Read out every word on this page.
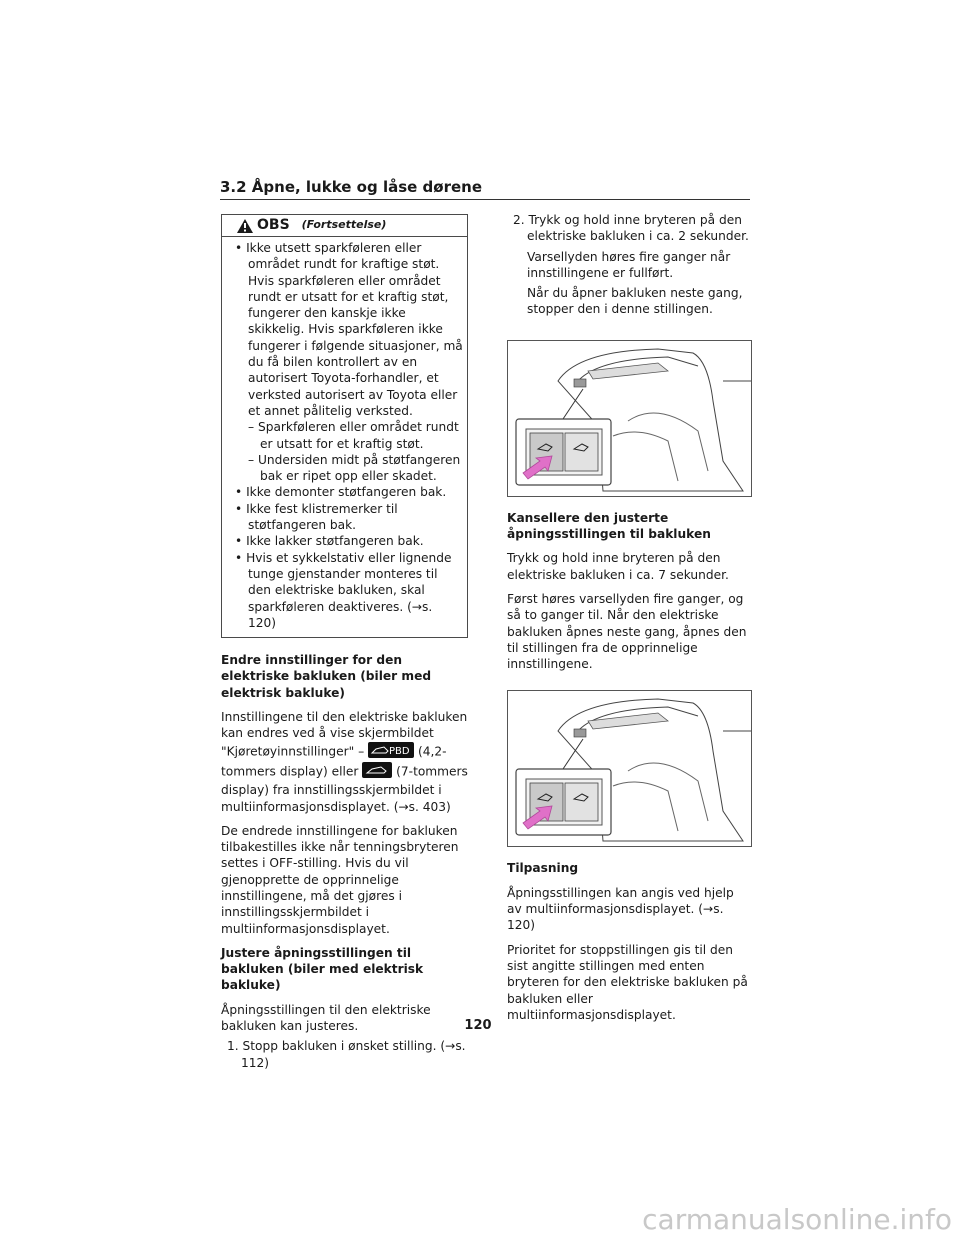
3.2 Åpne, lukke og låse dørene
OBS (Fortsettelse)

• Ikke utsett sparkføleren eller området rundt for kraftige støt. Hvis sparkføleren eller området rundt er utsatt for et kraftig støt, fungerer den kanskje ikke skikkelig. Hvis sparkføleren ikke fungerer i følgende situasjoner, må du få bilen kontrollert av en autorisert Toyota-forhandler, et verksted autorisert av Toyota eller et annet pålitelig verksted.

– Sparkføleren eller området rundt er utsatt for et kraftig støt.

– Undersiden midt på støtfangeren bak er ripet opp eller skadet.

• Ikke demonter støtfangeren bak.

• Ikke fest klistremerker til støtfangeren bak.

• Ikke lakker støtfangeren bak.

• Hvis et sykkelstativ eller lignende tunge gjenstander monteres til den elektriske bakluken, skal sparkføleren deaktiveres. (→s. 120)

Endre innstillinger for den elektriske bakluken (biler med elektrisk bakluke)

Innstillingene til den elektriske bakluken kan endres ved å vise skjermbildet "Kjøretøyinnstillinger" – PBD (4,2-tommers display) eller	(7-tommers display) fra innstillingsskjermbildet i multiinformasjonsdisplayet. (→s. 403)

De endrede innstillingene for bakluken tilbakestilles ikke når tenningsbryteren settes i OFF-stilling. Hvis du vil gjenopprette de opprinnelige innstillingene, må det gjøres i innstillingsskjermbildet i multiinformasjonsdisplayet.

Justere åpningsstillingen til bakluken (biler med elektrisk bakluke)

Åpningsstillingen til den elektriske bakluken kan justeres.

1. Stopp bakluken i ønsket stilling. (→s. 112)

2. Trykk og hold inne bryteren på den elektriske bakluken i ca. 2 sekunder.

Varsellyden høres fire ganger når innstillingene er fullført.

Når du åpner bakluken neste gang, stopper den i denne stillingen.

Kansellere den justerte åpningsstillingen til bakluken

Trykk og hold inne bryteren på den elektriske bakluken i ca. 7 sekunder.

Først høres varsellyden fire ganger, og så to ganger til. Når den elektriske bakluken åpnes neste gang, åpnes den til stillingen fra de opprinnelige innstillingene.

Tilpasning

Åpningsstillingen kan angis ved hjelp av multiinformasjonsdisplayet. (→s. 120)

Prioritet for stoppstillingen gis til den sist angitte stillingen med enten bryteren for den elektriske bakluken på bakluken eller multiinformasjonsdisplayet.

120
carmanualsonline.info
